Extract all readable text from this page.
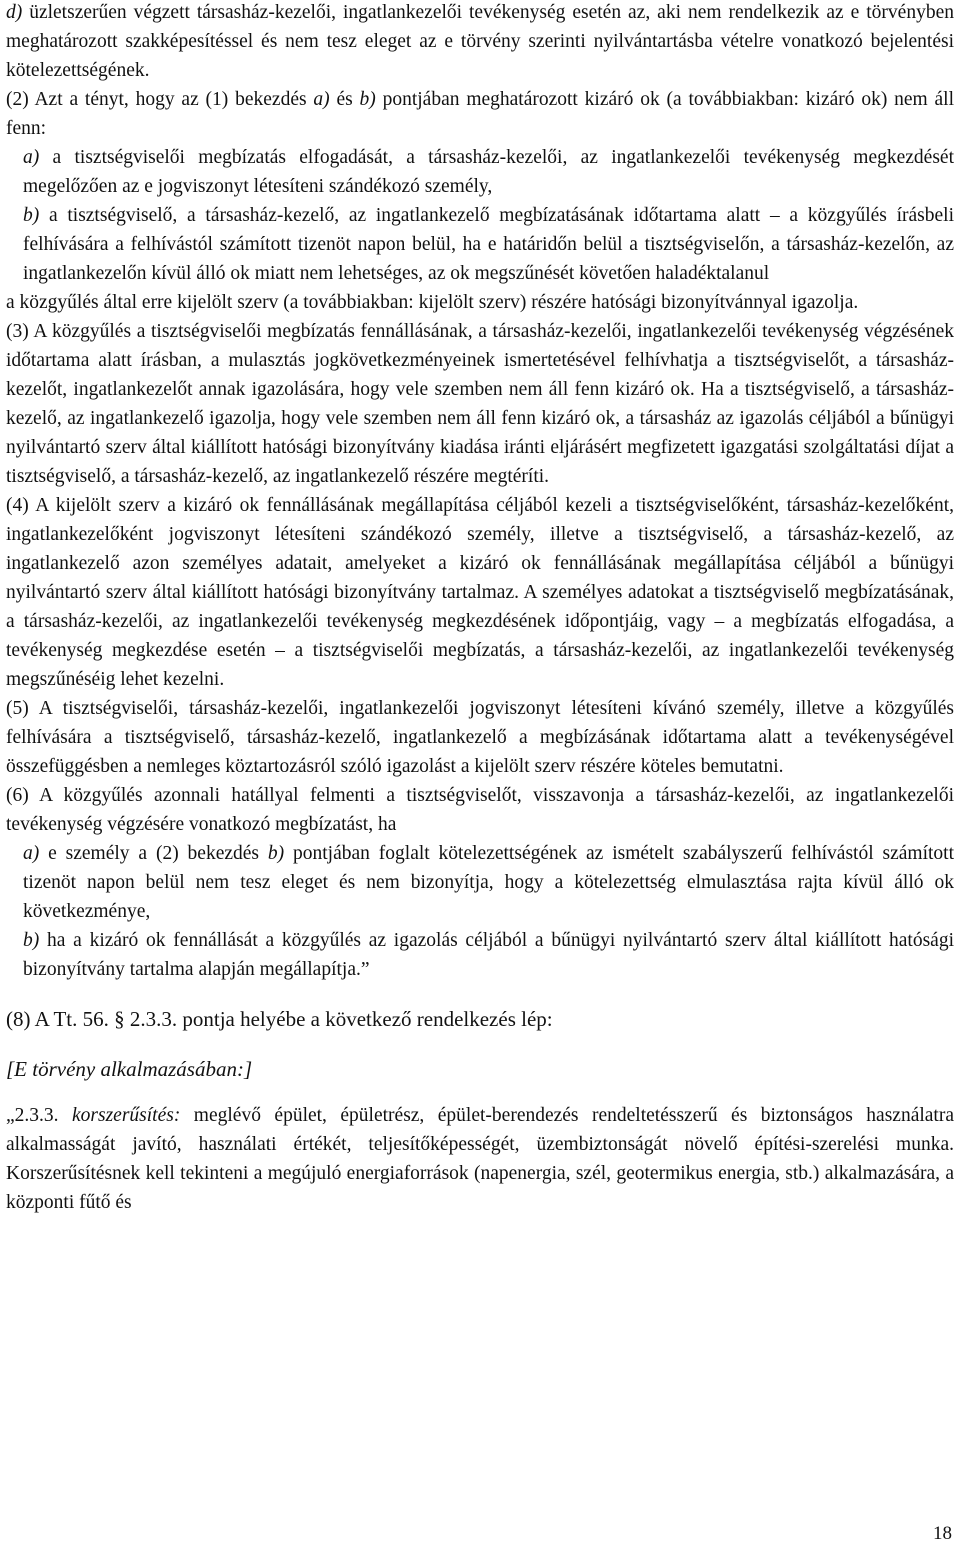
d) üzletszerűen végzett társasház-kezelői, ingatlankezelői tevékenység esetén az, aki nem rendelkezik az e törvényben meghatározott szakképesítéssel és nem tesz eleget az e törvény szerinti nyilvántartásba vételre vonatkozó bejelentési kötelezettségének.

(2) Azt a tényt, hogy az (1) bekezdés a) és b) pontjában meghatározott kizáró ok (a továbbiakban: kizáró ok) nem áll fenn:

a) a tisztségviselői megbízatás elfogadását, a társasház-kezelői, az ingatlankezelői tevékenység megkezdését megelőzően az e jogviszonyt létesíteni szándékozó személy,

b) a tisztségviselő, a társasház-kezelő, az ingatlankezelő megbízatásának időtartama alatt – a közgyűlés írásbeli felhívására a felhívástól számított tizenöt napon belül, ha e határidőn belül a tisztségviselőn, a társasház-kezelőn, az ingatlankezelőn kívül álló ok miatt nem lehetséges, az ok megszűnését követően haladéktalanul

a közgyűlés által erre kijelölt szerv (a továbbiakban: kijelölt szerv) részére hatósági bizonyítvánnyal igazolja.

(3) A közgyűlés a tisztségviselői megbízatás fennállásának, a társasház-kezelői, ingatlankezelői tevékenység végzésének időtartama alatt írásban, a mulasztás jogkövetkezményeinek ismertetésével felhívhatja a tisztségviselőt, a társasház-kezelőt, ingatlankezelőt annak igazolására, hogy vele szemben nem áll fenn kizáró ok. Ha a tisztségviselő, a társasház-kezelő, az ingatlankezelő igazolja, hogy vele szemben nem áll fenn kizáró ok, a társasház az igazolás céljából a bűnügyi nyilvántartó szerv által kiállított hatósági bizonyítvány kiadása iránti eljárásért megfizetett igazgatási szolgáltatási díjat a tisztségviselő, a társasház-kezelő, az ingatlankezelő részére megtéríti.

(4) A kijelölt szerv a kizáró ok fennállásának megállapítása céljából kezeli a tisztségviselőként, társasház-kezelőként, ingatlankezelőként jogviszonyt létesíteni szándékozó személy, illetve a tisztségviselő, a társasház-kezelő, az ingatlankezelő azon személyes adatait, amelyeket a kizáró ok fennállásának megállapítása céljából a bűnügyi nyilvántartó szerv által kiállított hatósági bizonyítvány tartalmaz. A személyes adatokat a tisztségviselő megbízatásának, a társasház-kezelői, az ingatlankezelői tevékenység megkezdésének időpontjáig, vagy – a megbízatás elfogadása, a tevékenység megkezdése esetén – a tisztségviselői megbízatás, a társasház-kezelői, az ingatlankezelői tevékenység megszűnéséig lehet kezelni.

(5) A tisztségviselői, társasház-kezelői, ingatlankezelői jogviszonyt létesíteni kívánó személy, illetve a közgyűlés felhívására a tisztségviselő, társasház-kezelő, ingatlankezelő a megbízásának időtartama alatt a tevékenységével összefüggésben a nemleges köztartozásról szóló igazolást a kijelölt szerv részére köteles bemutatni.

(6) A közgyűlés azonnali hatállyal felmenti a tisztségviselőt, visszavonja a társasház-kezelői, az ingatlankezelői tevékenység végzésére vonatkozó megbízatást, ha

a) e személy a (2) bekezdés b) pontjában foglalt kötelezettségének az ismételt szabályszerű felhívástól számított tizenöt napon belül nem tesz eleget és nem bizonyítja, hogy a kötelezettség elmulasztása rajta kívül álló ok következménye,

b) ha a kizáró ok fennállását a közgyűlés az igazolás céljából a bűnügyi nyilvántartó szerv által kiállított hatósági bizonyítvány tartalma alapján megállapítja.”

(8) A Tt. 56. § 2.3.3. pontja helyébe a következő rendelkezés lép:

[E törvény alkalmazásában:]

„2.3.3. korszerűsítés: meglévő épület, épületrész, épület-berendezés rendeltetésszerű és biztonságos használatra alkalmasságát javító, használati értékét, teljesítőképességét, üzembiztonságát növelő építési-szerelési munka. Korszerűsítésnek kell tekinteni a megújuló energiaforrások (napenergia, szél, geotermikus energia, stb.) alkalmazására, a központi fűtő és

18
